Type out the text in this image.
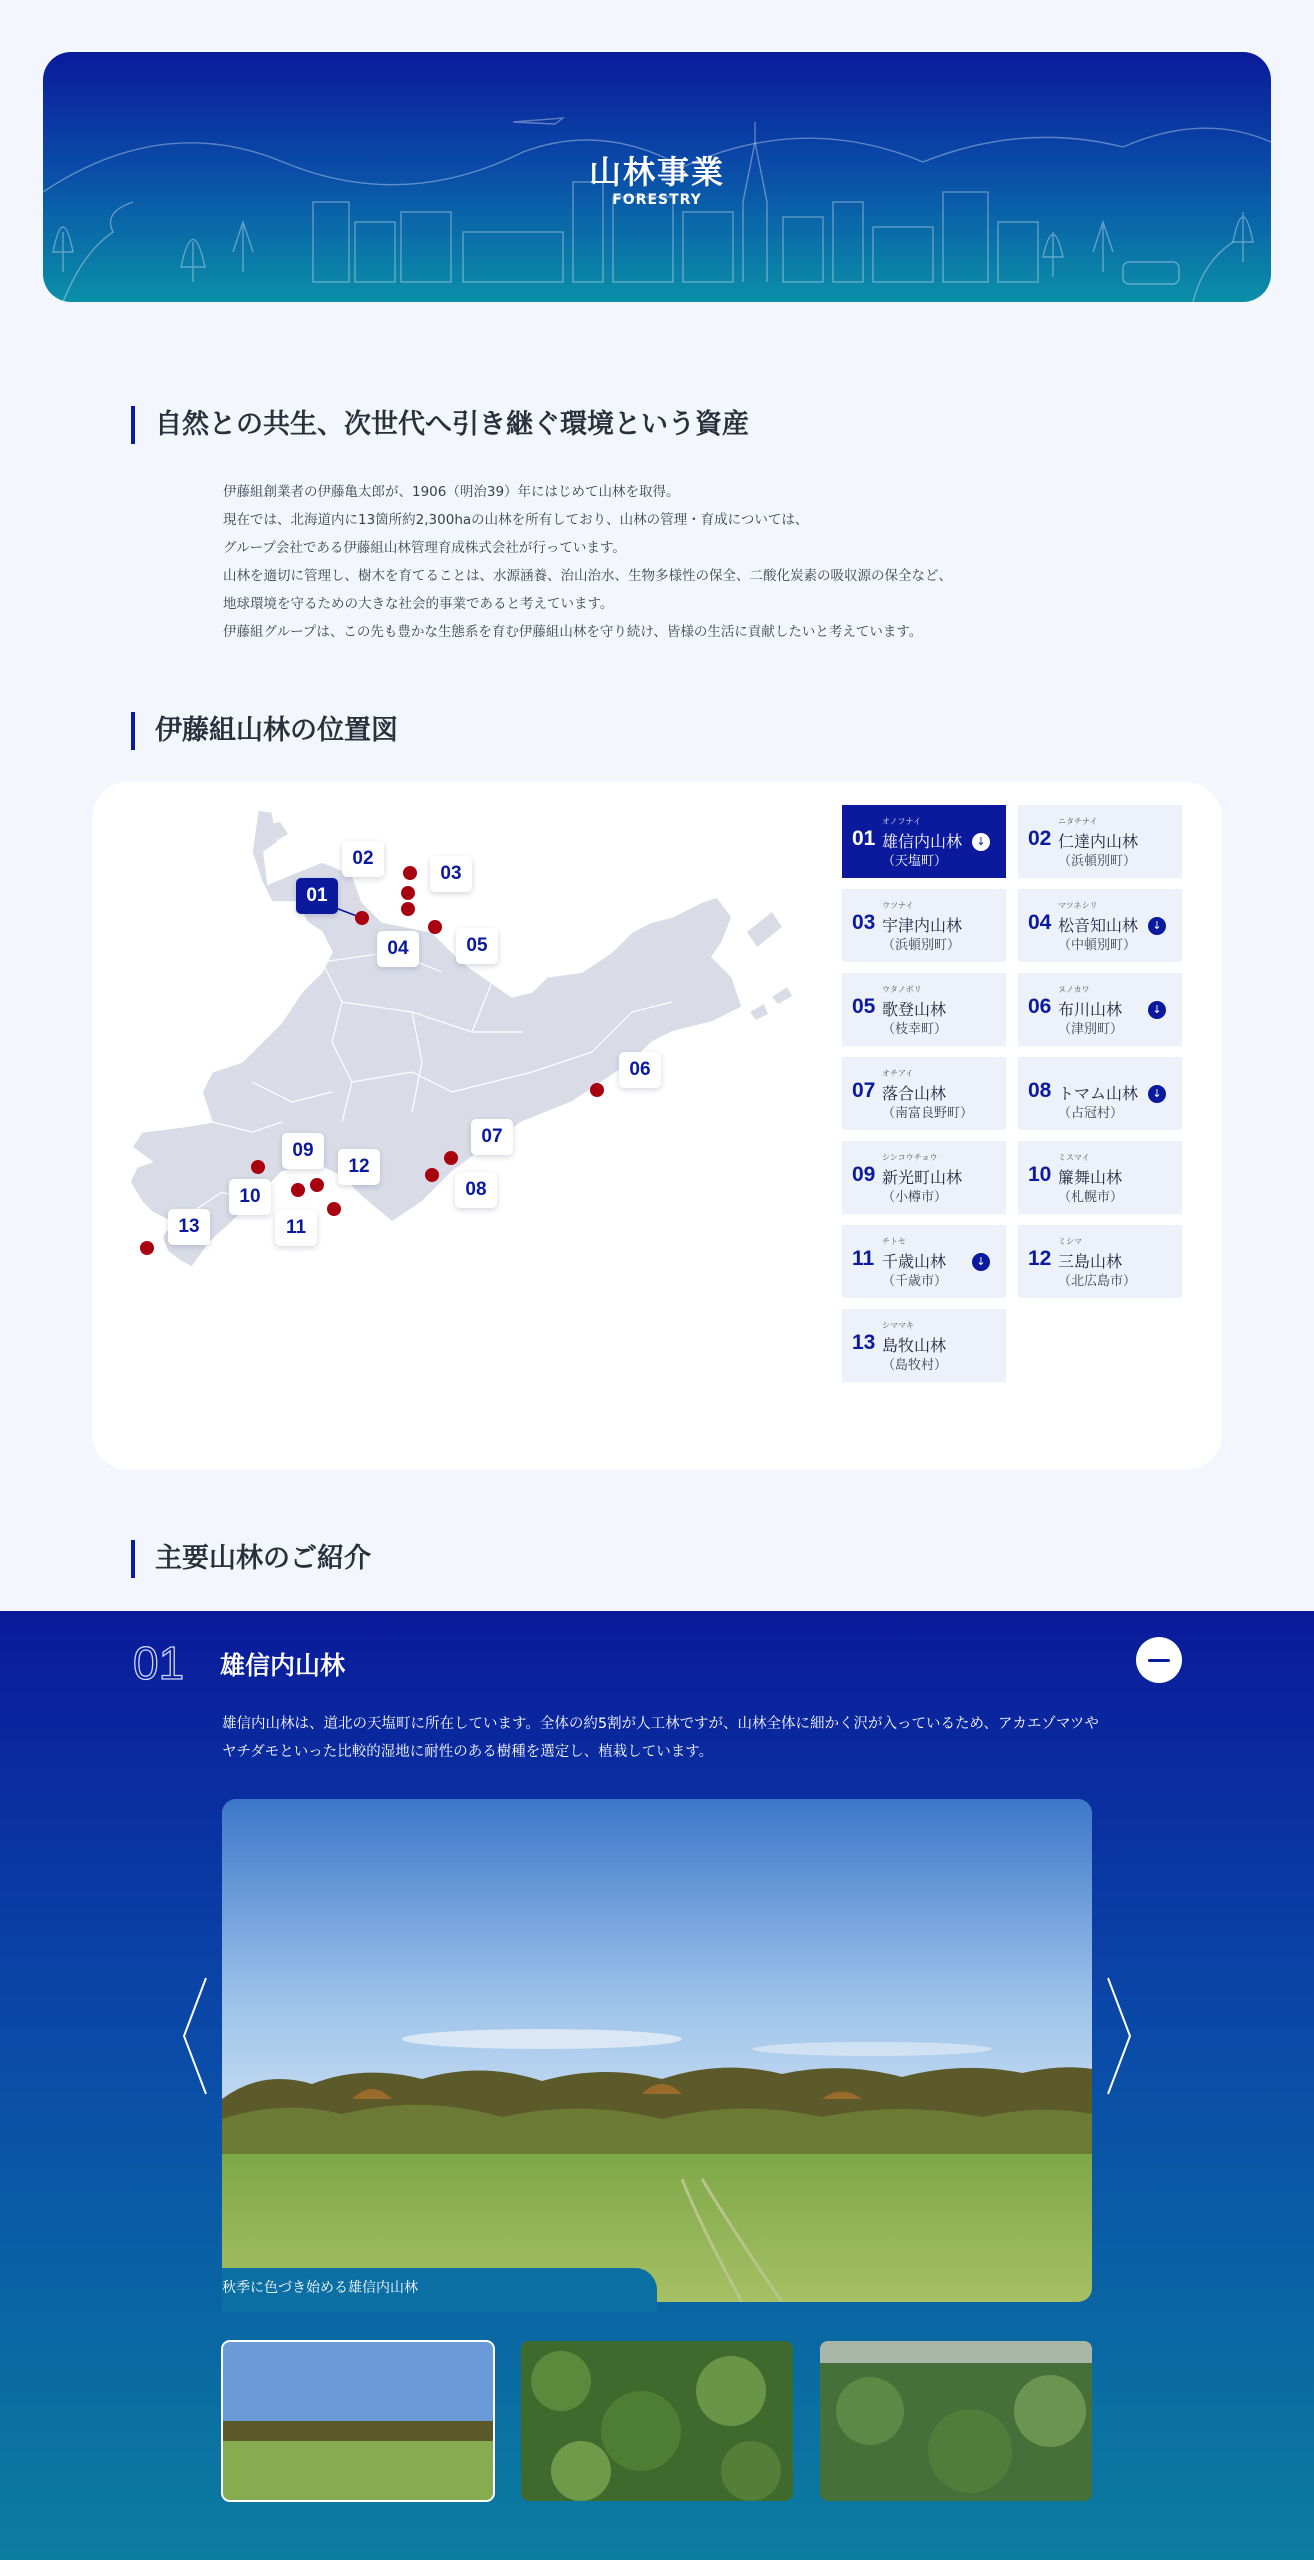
山林事業
FORESTRY
自然との共生、次世代へ引き継ぐ環境という資産

伊藤組創業者の伊藤亀太郎が、1906（明治39）年にはじめて山林を取得。

現在では、北海道内に13箇所約2,300haの山林を所有しており、山林の管理・育成については、

グループ会社である伊藤組山林管理育成株式会社が行っています。

山林を適切に管理し、樹木を育てることは、水源涵養、治山治水、生物多様性の保全、二酸化炭素の吸収源の保全など、

地球環境を守るための大きな社会的事業であると考えています。

伊藤組グループは、この先も豊かな生態系を育む伊藤組山林を守り続け、皆様の生活に貢献したいと考えています。

伊藤組山林の位置図
01
02
03
04	05
06
07
08
09
10
11
12
13
01
オノフナイ
雄信内山林
（天塩町）
↓ 02
ニタチナイ
仁達内山林
（浜頓別町）
03
ウツナイ
宇津内山林
（浜頓別町）
04
マツネシリ
松音知山林
（中頓別町）
↓
05
ウタノボリ
歌登山林
（枝幸町）
06
ヌノカワ
布川山林
（津別町）
↓
07
オチアイ
落合山林
（南富良野町）
08 トマム山林
（占冠村）
↓
09
シンコウチョウ
新光町山林
（小樽市）
10
ミスマイ
簾舞山林
（札幌市）
11
チトセ
千歳山林
（千歳市）
↓ 12
ミシマ
三島山林
（北広島市）
13
シママキ
島牧山林
（島牧村）
主要山林のご紹介
01 雄信内山林

雄信内山林は、道北の天塩町に所在しています。全体の約5割が人工林ですが、山林全体に細かく沢が入っているため、アカエゾマツや

ヤチダモといった比較的湿地に耐性のある樹種を選定し、植栽しています。

秋季に色づき始める雄信内山林
